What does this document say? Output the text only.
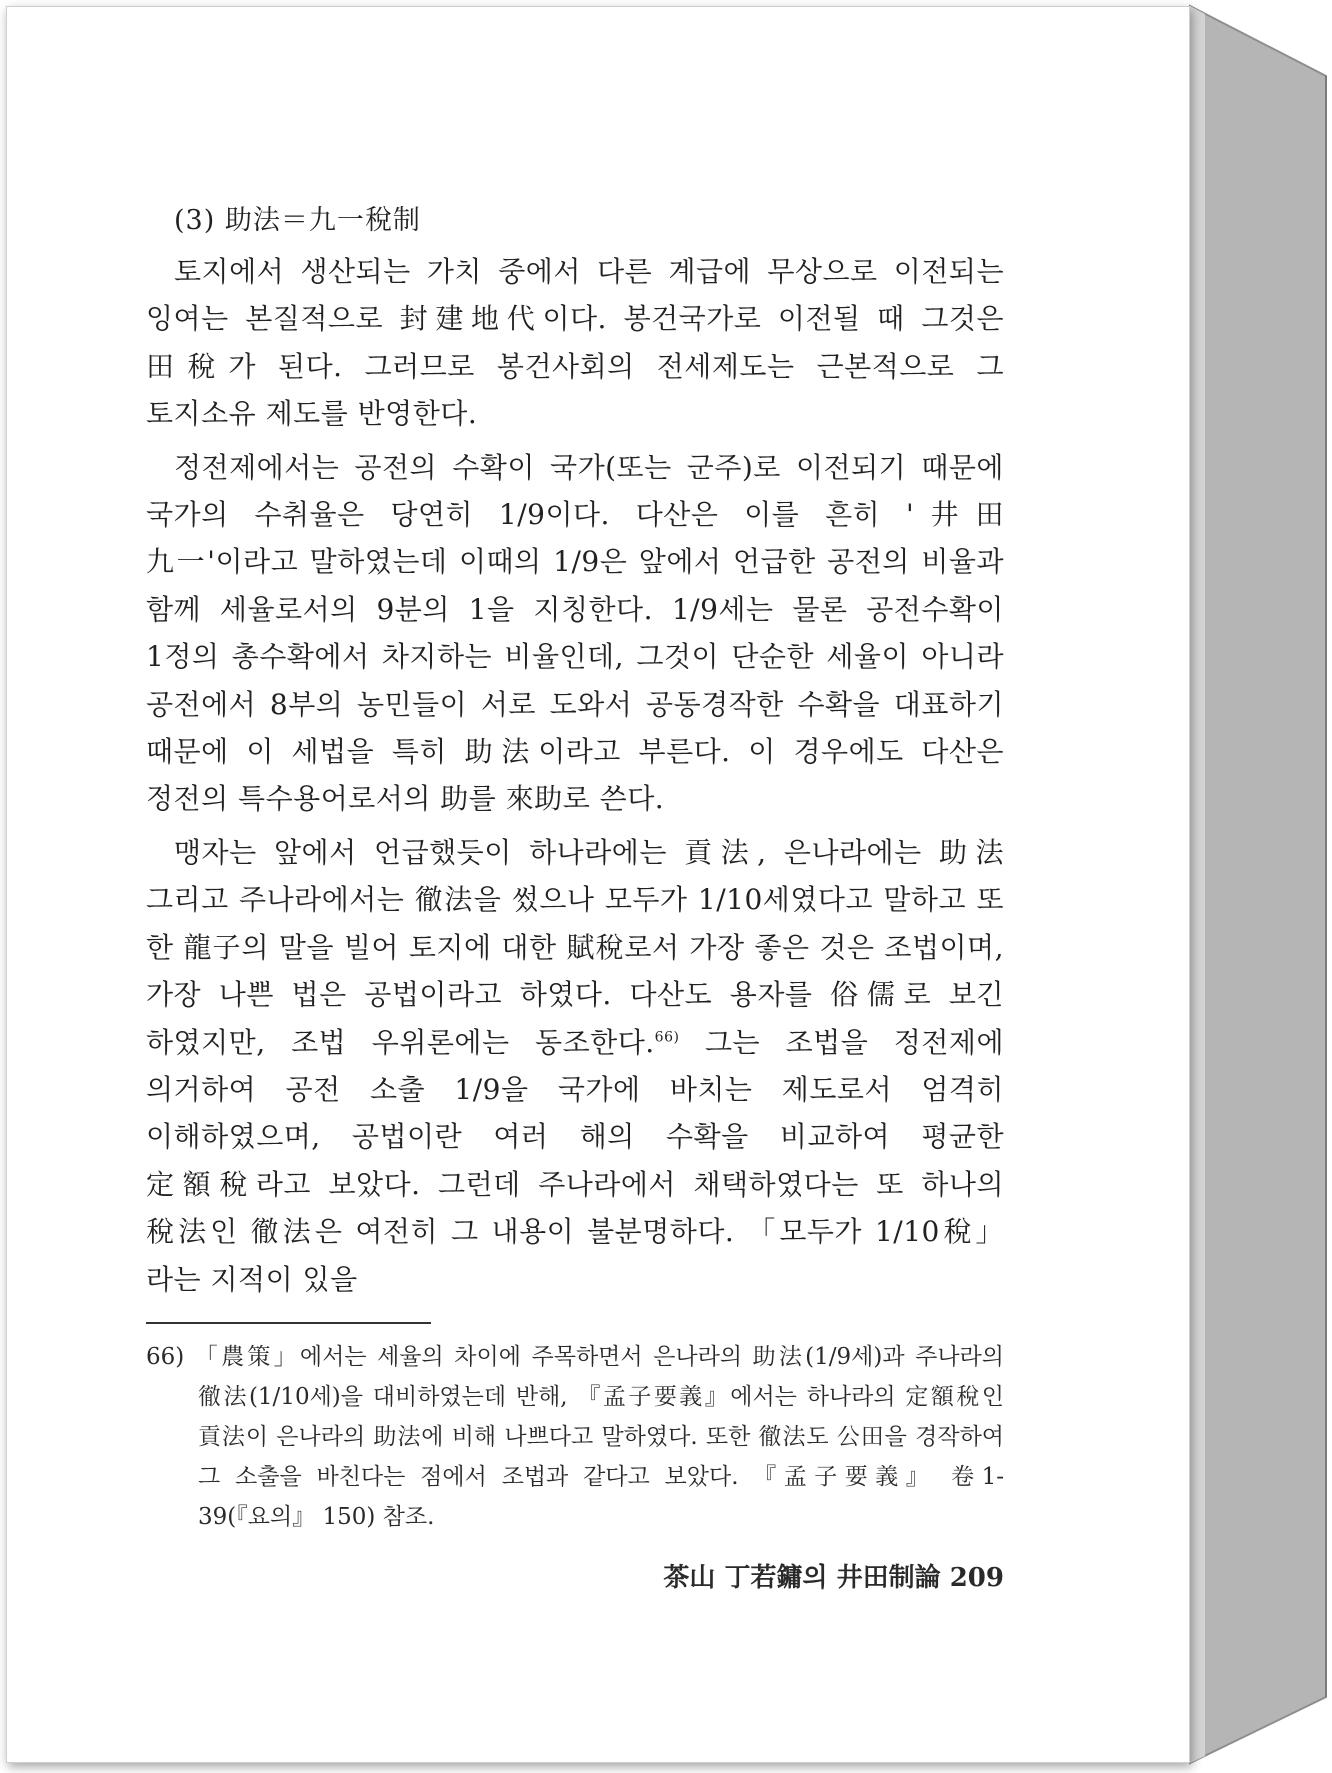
(3) 助法＝九一稅制

토지에서 생산되는 가치 중에서 다른 계급에 무상으로 이전되는 잉여는 본질적으로 封建地代이다. 봉건국가로 이전될 때 그것은 田稅가 된다. 그러므로 봉건사회의 전세제도는 근본적으로 그 토지소유 제도를 반영한다.

정전제에서는 공전의 수확이 국가(또는 군주)로 이전되기 때문에 국가의 수취율은 당연히 1/9이다. 다산은 이를 흔히 '井田 九一'이라고 말하였는데 이때의 1/9은 앞에서 언급한 공전의 비율과 함께 세율로서의 9분의 1을 지칭한다. 1/9세는 물론 공전수확이 1정의 총수확에서 차지하는 비율인데, 그것이 단순한 세율이 아니라 공전에서 8부의 농민들이 서로 도와서 공동경작한 수확을 대표하기 때문에 이 세법을 특히 助法이라고 부른다. 이 경우에도 다산은 정전의 특수용어로서의 助를 來助로 쓴다.

맹자는 앞에서 언급했듯이 하나라에는 貢法, 은나라에는 助法 그리고 주나라에서는 徹法을 썼으나 모두가 1/10세였다고 말하고 또 한 龍子의 말을 빌어 토지에 대한 賦稅로서 가장 좋은 것은 조법이며, 가장 나쁜 법은 공법이라고 하였다. 다산도 용자를 俗儒로 보긴 하였지만, 조법 우위론에는 동조한다.$^{66)}$ 그는 조법을 정전제에 의거하여 공전 소출 1/9을 국가에 바치는 제도로서 엄격히 이해하였으며, 공법이란 여러 해의 수확을 비교하여 평균한 定額稅라고 보았다. 그런데 주나라에서 채택하였다는 또 하나의 稅法인 徹法은 여전히 그 내용이 불분명하다. 「모두가 1/10稅」라는 지적이 있을

66) 「農策」에서는 세율의 차이에 주목하면서 은나라의 助法(1/9세)과 주나라의 徹法(1/10세)을 대비하였는데 반해, 『孟子要義』에서는 하나라의 定額稅인 貢法이 은나라의 助法에 비해 나쁘다고 말하였다. 또한 徹法도 公田을 경작하여 그 소출을 바친다는 점에서 조법과 같다고 보았다. 『孟子要義』 卷1-39(『요의』 150) 참조.

茶山 丁若鏞의 井田制論 209
